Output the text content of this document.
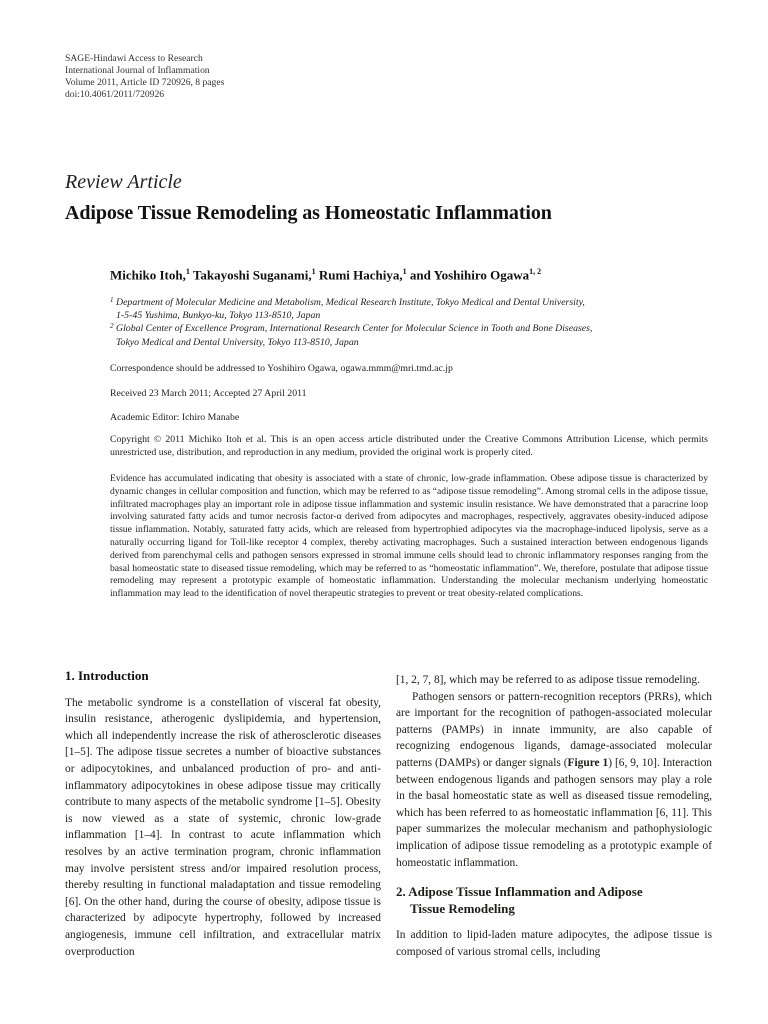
SAGE-Hindawi Access to Research
International Journal of Inflammation
Volume 2011, Article ID 720926, 8 pages
doi:10.4061/2011/720926
Review Article
Adipose Tissue Remodeling as Homeostatic Inflammation
Michiko Itoh,$^1$ Takayoshi Suganami,$^1$ Rumi Hachiya,$^1$ and Yoshihiro Ogawa$^{1, 2}$
1 Department of Molecular Medicine and Metabolism, Medical Research Institute, Tokyo Medical and Dental University,
1-5-45 Yushima, Bunkyo-ku, Tokyo 113-8510, Japan
2 Global Center of Excellence Program, International Research Center for Molecular Science in Tooth and Bone Diseases,
Tokyo Medical and Dental University, Tokyo 113-8510, Japan
Correspondence should be addressed to Yoshihiro Ogawa, ogawa.mmm@mri.tmd.ac.jp
Received 23 March 2011; Accepted 27 April 2011
Academic Editor: Ichiro Manabe
Copyright © 2011 Michiko Itoh et al. This is an open access article distributed under the Creative Commons Attribution License, which permits unrestricted use, distribution, and reproduction in any medium, provided the original work is properly cited.
Evidence has accumulated indicating that obesity is associated with a state of chronic, low-grade inflammation. Obese adipose tissue is characterized by dynamic changes in cellular composition and function, which may be referred to as “adipose tissue remodeling”. Among stromal cells in the adipose tissue, infiltrated macrophages play an important role in adipose tissue inflammation and systemic insulin resistance. We have demonstrated that a paracrine loop involving saturated fatty acids and tumor necrosis factor-α derived from adipocytes and macrophages, respectively, aggravates obesity-induced adipose tissue inflammation. Notably, saturated fatty acids, which are released from hypertrophied adipocytes via the macrophage-induced lipolysis, serve as a naturally occurring ligand for Toll-like receptor 4 complex, thereby activating macrophages. Such a sustained interaction between endogenous ligands derived from parenchymal cells and pathogen sensors expressed in stromal immune cells should lead to chronic inflammatory responses ranging from the basal homeostatic state to diseased tissue remodeling, which may be referred to as “homeostatic inflammation”. We, therefore, postulate that adipose tissue remodeling may represent a prototypic example of homeostatic inflammation. Understanding the molecular mechanism underlying homeostatic inflammation may lead to the identification of novel therapeutic strategies to prevent or treat obesity-related complications.
1. Introduction

The metabolic syndrome is a constellation of visceral fat obesity, insulin resistance, atherogenic dyslipidemia, and hypertension, which all independently increase the risk of atherosclerotic diseases [1–5]. The adipose tissue secretes a number of bioactive substances or adipocytokines, and unbalanced production of pro- and anti-inflammatory adipocytokines in obese adipose tissue may critically contribute to many aspects of the metabolic syndrome [1–5]. Obesity is now viewed as a state of systemic, chronic low-grade inflammation [1–4]. In contrast to acute inflammation which resolves by an active termination program, chronic inflammation may involve persistent stress and/or impaired resolution process, thereby resulting in functional maladaptation and tissue remodeling [6]. On the other hand, during the course of obesity, adipose tissue is characterized by adipocyte hypertrophy, followed by increased angiogenesis, immune cell infiltration, and extracellular matrix overproduction

[1, 2, 7, 8], which may be referred to as adipose tissue remodeling.

Pathogen sensors or pattern-recognition receptors (PRRs), which are important for the recognition of pathogen-associated molecular patterns (PAMPs) in innate immunity, are also capable of recognizing endogenous ligands, damage-associated molecular patterns (DAMPs) or danger signals (Figure 1) [6, 9, 10]. Interaction between endogenous ligands and pathogen sensors may play a role in the basal homeostatic state as well as diseased tissue remodeling, which has been referred to as homeostatic inflammation [6, 11]. This paper summarizes the molecular mechanism and pathophysiologic implication of adipose tissue remodeling as a prototypic example of homeostatic inflammation.

2. Adipose Tissue Inflammation and Adipose
Tissue Remodeling

In addition to lipid-laden mature adipocytes, the adipose tissue is composed of various stromal cells, including
